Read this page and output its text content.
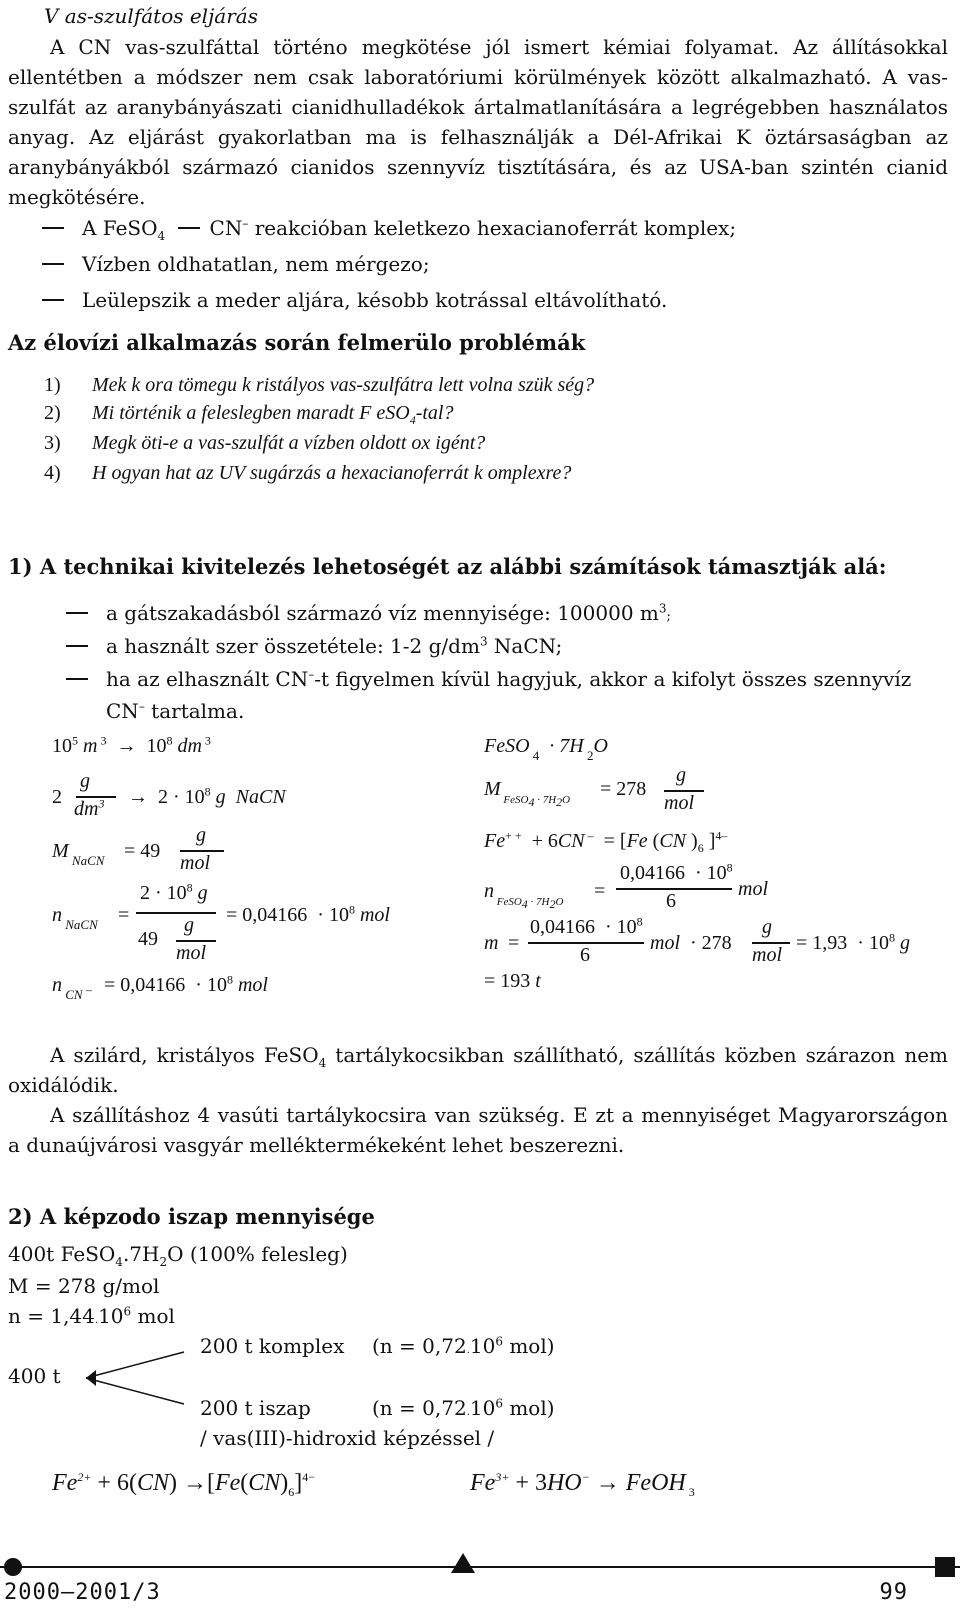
V as-szulfátos eljárás
A CN vas-szulfáttal történo megkötése jól ismert kémiai folyamat. Az állításokkal ellentétben a módszer nem csak laboratóriumi körülmények között alkalmazható. A vas-szulfát az aranybányászati cianidhulladékok ártalmatlanítására a legrégebben használatos anyag. Az eljárást gyakorlatban ma is felhasználják a Dél-Afrikai K öztársaságban az aranybányákból származó cianidos szennyvíz tisztítására, és az USA-ban szintén cianid megkötésére.
A FeSO$_4$ CN– reakcióban keletkezo hexacianoferrát komplex;
Vízben oldhatatlan, nem mérgezo;
Leülepszik a meder aljára, késobb kotrással eltávolítható.
Az élovízi alkalmazás során felmerülo problémák
1) Mek k ora tömegu k ristályos vas-szulfátra lett volna szük ség?
2) Mi történik a feleslegben maradt F eSO$_4$-tal?
3) Megk öti-e a vas-szulfát a vízben oldott ox igént?
4) H ogyan hat az UV sugárzás a hexacianoferrát k omplexre?
1) A technikai kivitelezés lehetoségét az alábbi számítások támasztják alá:
a gátszakadásból származó víz mennyisége: 100000 $m^3$;
a használt szer összetétele: 1-2 $g/dm^3$ NaCN;
ha az elhasznált CN–-t figyelmen kívül hagyjuk, akkor a kifolyt összes szennyvíz
CN– tartalma.
$10^5$ m $^3 \to 10^8$ dm $^3$
2
g
$dm^3 \to 2 \cdot 10^8$ g  NaCN
M $_{NaCN}$ = 49
g
mol
n $_{NaCN}$ =
$2 \cdot 10^8$ g
49
g
mol
= $0,04166 \cdot 10^8$ mol
n $_{CN ^-} = 0,04166 \cdot 10^8$ mol
FeSO $_4$  · 7H $_2$O
M $_{FeSO_4 \cdot 7H_2O}$ = 278
g
mol
Fe+ +  + 6CN –  = [Fe (CN )$_6$ ]$^{4-}$
n $_{FeSO_4 \cdot 7H_2O}$ =
$0,04166 \cdot 10^8$
6
mol
m =
$0,04166 \cdot 10^8$
6
mol  · 278
g
mol
= $1,93 \cdot 10^8$ g
= 193 t
A szilárd, kristályos FeSO$_4$ tartálykocsikban szállítható, szállítás közben szárazon nem oxidálódik.
A szállításhoz 4 vasúti tartálykocsira van szükség. E zt a mennyiséget Magyarországon a dunaújvárosi vasgyár melléktermékeként lehet beszerezni.
2) A képzodo iszap mennyisége
400t $FeSO_4.7H_2O$ (100% felesleg)
M = 278 g/mol
$n = 1,44.10^6$ mol
200 t komplex ($n = 0,72.10^6$ mol)
400 t
200 t iszap	($n = 0,72.10^6$ mol)
/ vas(III)-hidroxid képzéssel /
$Fe^{2+} + 6(CN) \to[Fe(CN)_6]^{4-}$	$Fe^{3+} + 3HO^-$ → FeOH $_3$
2000–2001/3	99
